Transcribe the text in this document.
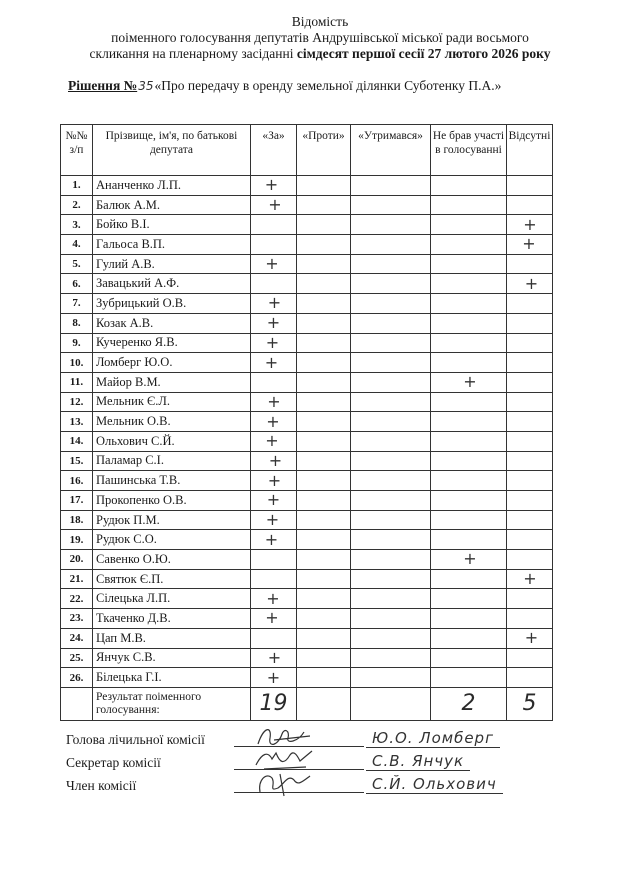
Відомість
поіменного голосування депутатів Андрушівської міської ради восьмого
скликання на пленарному засіданні сімдесят першої сесії 27 лютого 2026 року
Рішення №35«Про передачу в оренду земельної ділянки Суботенку П.А.»
№№ з/п	Прізвище, ім'я, по батькові депутата	«За»	«Проти»	«Утримався»	Не брав участі в голосуванні	Відсутні
1.	Ананченко Л.П.	+				
2.	Балюк А.М.	+				
3.	Бойко В.І.					+
4.	Гальоса В.П.					+
5.	Гулий А.В.	+				
6.	Завацький А.Ф.					+
7.	Зубрицький О.В.	+				
8.	Козак А.В.	+				
9.	Кучеренко Я.В.	+				
10.	Ломберг Ю.О.	+				
11.	Майор В.М.				+	
12.	Мельник Є.Л.	+				
13.	Мельник О.В.	+				
14.	Ольхович С.Й.	+				
15.	Паламар С.І.	+				
16.	Пашинська Т.В.	+				
17.	Прокопенко О.В.	+				
18.	Рудюк П.М.	+				
19.	Рудюк С.О.	+				
20.	Савенко О.Ю.				+	
21.	Святюк Є.П.					+
22.	Сілецька Л.П.	+				
23.	Ткаченко Д.В.	+				
24.	Цап М.В.					+
25.	Янчук С.В.	+				
26.	Білецька Г.І.	+				
	Результат поіменного голосування:	19			2	5
Голова лічильної комісії	Ю.О. Ломберг
Секретар комісії	С.В. Янчук
Член комісії	С.Й. Ольхович
